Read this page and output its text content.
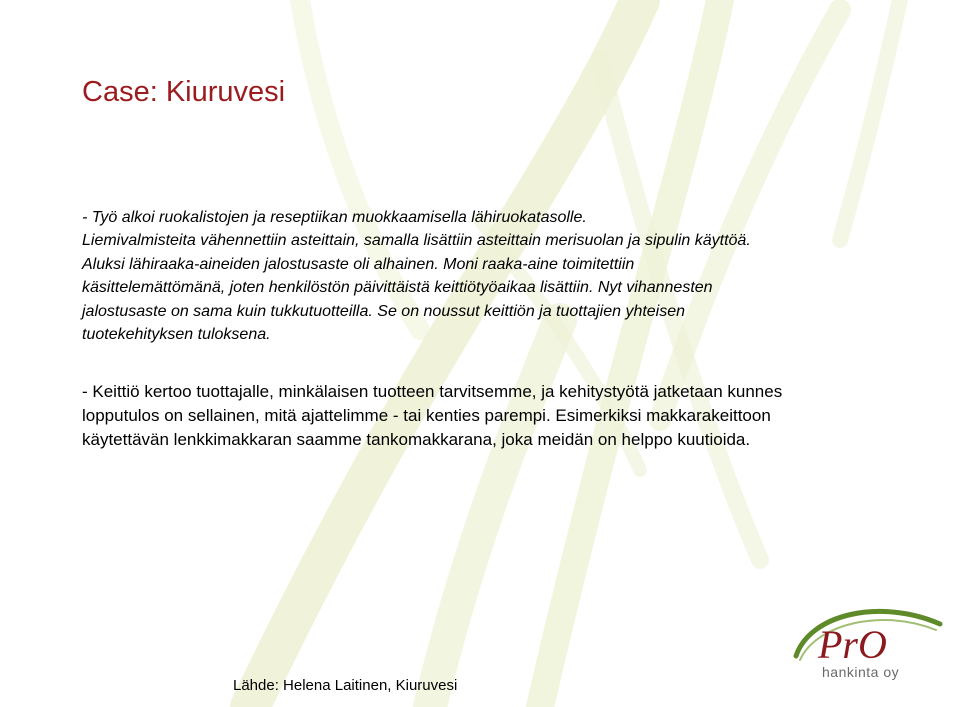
Case: Kiuruvesi
- Työ alkoi ruokalistojen ja reseptiikan muokkaamisella lähiruokatasolle.
Liemivalmisteita vähennettiin asteittain, samalla lisättiin asteittain merisuolan ja sipulin käyttöä.
Aluksi lähiraaka-aineiden jalostusaste oli alhainen. Moni raaka-aine toimitettiin
käsittelemättömänä, joten henkilöstön päivittäistä keittiötyöaikaa lisättiin. Nyt vihannesten
jalostusaste on sama kuin tukkutuotteilla. Se on noussut keittiön ja tuottajien yhteisen
tuotekehityksen tuloksena.
- Keittiö kertoo tuottajalle, minkälaisen tuotteen tarvitsemme, ja kehitystyötä jatketaan kunnes
lopputulos on sellainen, mitä ajattelimme - tai kenties parempi. Esimerkiksi makkarakeittoon
käytettävän lenkkimakkaran saamme tankomakkarana, joka meidän on helppo kuutioida.
Lähde: Helena Laitinen, Kiuruvesi
PrO
hankinta oy
